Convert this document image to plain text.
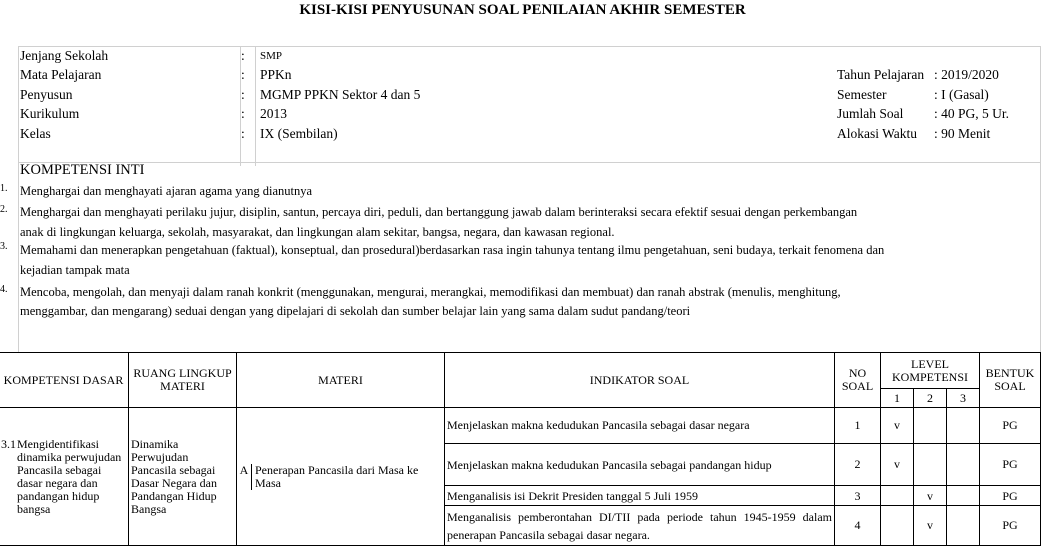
KISI-KISI PENYUSUNAN SOAL PENILAIAN AKHIR SEMESTER
Jenjang Sekolah	: SMP
Mata Pelajaran	: PPKn
Penyusun	: MGMP PPKN Sektor 4 dan 5
Kurikulum	: 2013
Kelas	: IX (Sembilan)
Tahun Pelajaran : 2019/2020
Semester	: I (Gasal)
Jumlah Soal : 40 PG, 5 Ur.
Alokasi Waktu : 90 Menit
KOMPETENSI INTI
1. Menghargai dan menghayati ajaran agama yang dianutnya
2. Menghargai dan menghayati perilaku jujur, disiplin, santun, percaya diri, peduli, dan bertanggung jawab dalam berinteraksi secara efektif sesuai dengan perkembangan
anak di lingkungan keluarga, sekolah, masyarakat, dan lingkungan alam sekitar, bangsa, negara, dan kawasan regional.
3. Memahami dan menerapkan pengetahuan (faktual), konseptual, dan prosedural)berdasarkan rasa ingin tahunya tentang ilmu pengetahuan, seni budaya, terkait fenomena dan
kejadian tampak mata
4. Mencoba, mengolah, dan menyaji dalam ranah konkrit (menggunakan, mengurai, merangkai, memodifikasi dan membuat) dan ranah abstrak (menulis, menghitung,
menggambar, dan mengarang) seduai dengan yang dipelajari di sekolah dan sumber belajar lain yang sama dalam sudut pandang/teori
KOMPETENSI DASAR	RUANG LINGKUP MATERI	MATERI	INDIKATOR SOAL	NO SOAL	LEVEL KOMPETENSI			BENTUK SOAL
					1	2	3	

3.1 Mengidentifikasi dinamika perwujudan Pancasila sebagai dasar negara dan pandangan hidup bangsa	Dinamika Perwujudan Pancasila sebagai Dasar Negara dan Pandangan Hidup Bangsa	A Penerapan Pancasila dari Masa ke Masa	Menjelaskan makna kedudukan Pancasila sebagai dasar negara	1	v			PG
			Menjelaskan makna kedudukan Pancasila sebagai pandangan hidup	2	v			PG
			Menganalisis isi Dekrit Presiden tanggal 5 Juli 1959	3		v		PG
			Menganalisis pemberontahan DI/TII pada periode tahun 1945-1959 dalam penerapan Pancasila sebagai dasar negara.	4		v		PG
